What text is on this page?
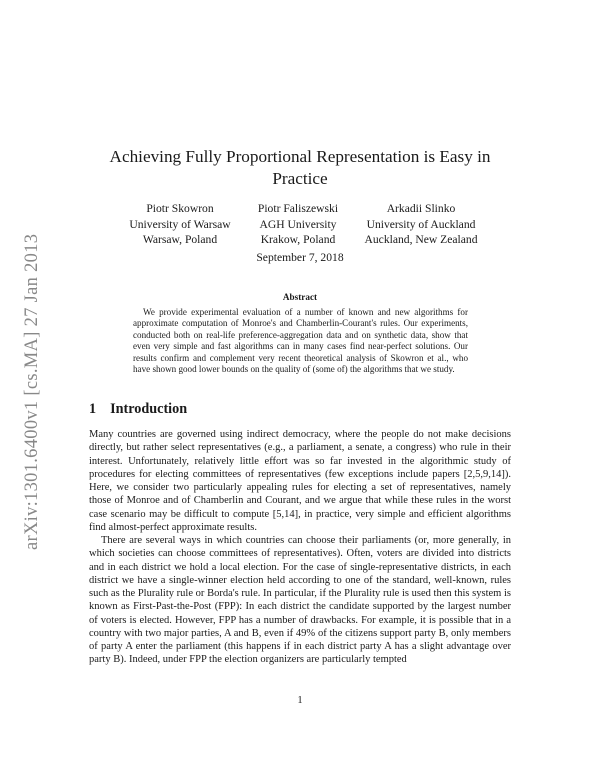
arXiv:1301.6400v1 [cs.MA] 27 Jan 2013
Achieving Fully Proportional Representation is Easy in Practice
Piotr Skowron
University of Warsaw
Warsaw, Poland
Piotr Faliszewski
AGH University
Krakow, Poland
Arkadii Slinko
University of Auckland
Auckland, New Zealand
September 7, 2018
Abstract
We provide experimental evaluation of a number of known and new algorithms for approximate computation of Monroe's and Chamberlin-Courant's rules. Our experiments, conducted both on real-life preference-aggregation data and on synthetic data, show that even very simple and fast algorithms can in many cases find near-perfect solutions. Our results confirm and complement very recent theoretical analysis of Skowron et al., who have shown good lower bounds on the quality of (some of) the algorithms that we study.
1 Introduction

Many countries are governed using indirect democracy, where the people do not make decisions directly, but rather select representatives (e.g., a parliament, a senate, a congress) who rule in their interest. Unfortunately, relatively little effort was so far invested in the algorithmic study of procedures for electing committees of representatives (few exceptions include papers [2,5,9,14]). Here, we consider two particularly appealing rules for electing a set of representatives, namely those of Monroe and of Chamberlin and Courant, and we argue that while these rules in the worst case scenario may be difficult to compute [5,14], in practice, very simple and efficient algorithms find almost-perfect approximate results.

There are several ways in which countries can choose their parliaments (or, more generally, in which societies can choose committees of representatives). Often, voters are divided into districts and in each district we hold a local election. For the case of single-representative districts, in each district we have a single-winner election held according to one of the standard, well-known, rules such as the Plurality rule or Borda's rule. In particular, if the Plurality rule is used then this system is known as First-Past-the-Post (FPP): In each district the candidate supported by the largest number of voters is elected. However, FPP has a number of drawbacks. For example, it is possible that in a country with two major parties, A and B, even if 49% of the citizens support party B, only members of party A enter the parliament (this happens if in each district party A has a slight advantage over party B). Indeed, under FPP the election organizers are particularly tempted

1
